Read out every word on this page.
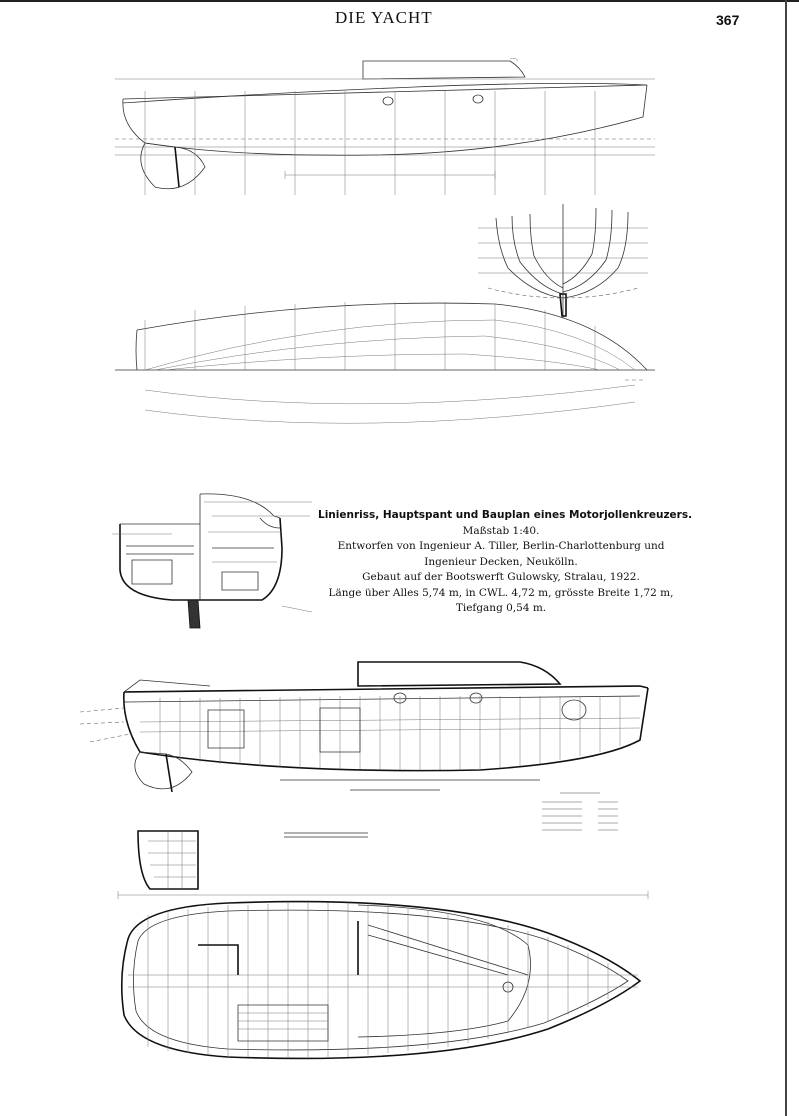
DIE YACHT	367
Linienriss, Hauptspant und Bauplan eines Motorjollenkreuzers.
Maßstab 1:40.
Entworfen von Ingenieur A. Tiller, Berlin-Charlottenburg und
Ingenieur Decken, Neukölln.
Gebaut auf der Bootswerft Gulowsky, Stralau, 1922.
Länge über Alles 5,74 m, in CWL. 4,72 m, grösste Breite 1,72 m,
Tiefgang 0,54 m.
